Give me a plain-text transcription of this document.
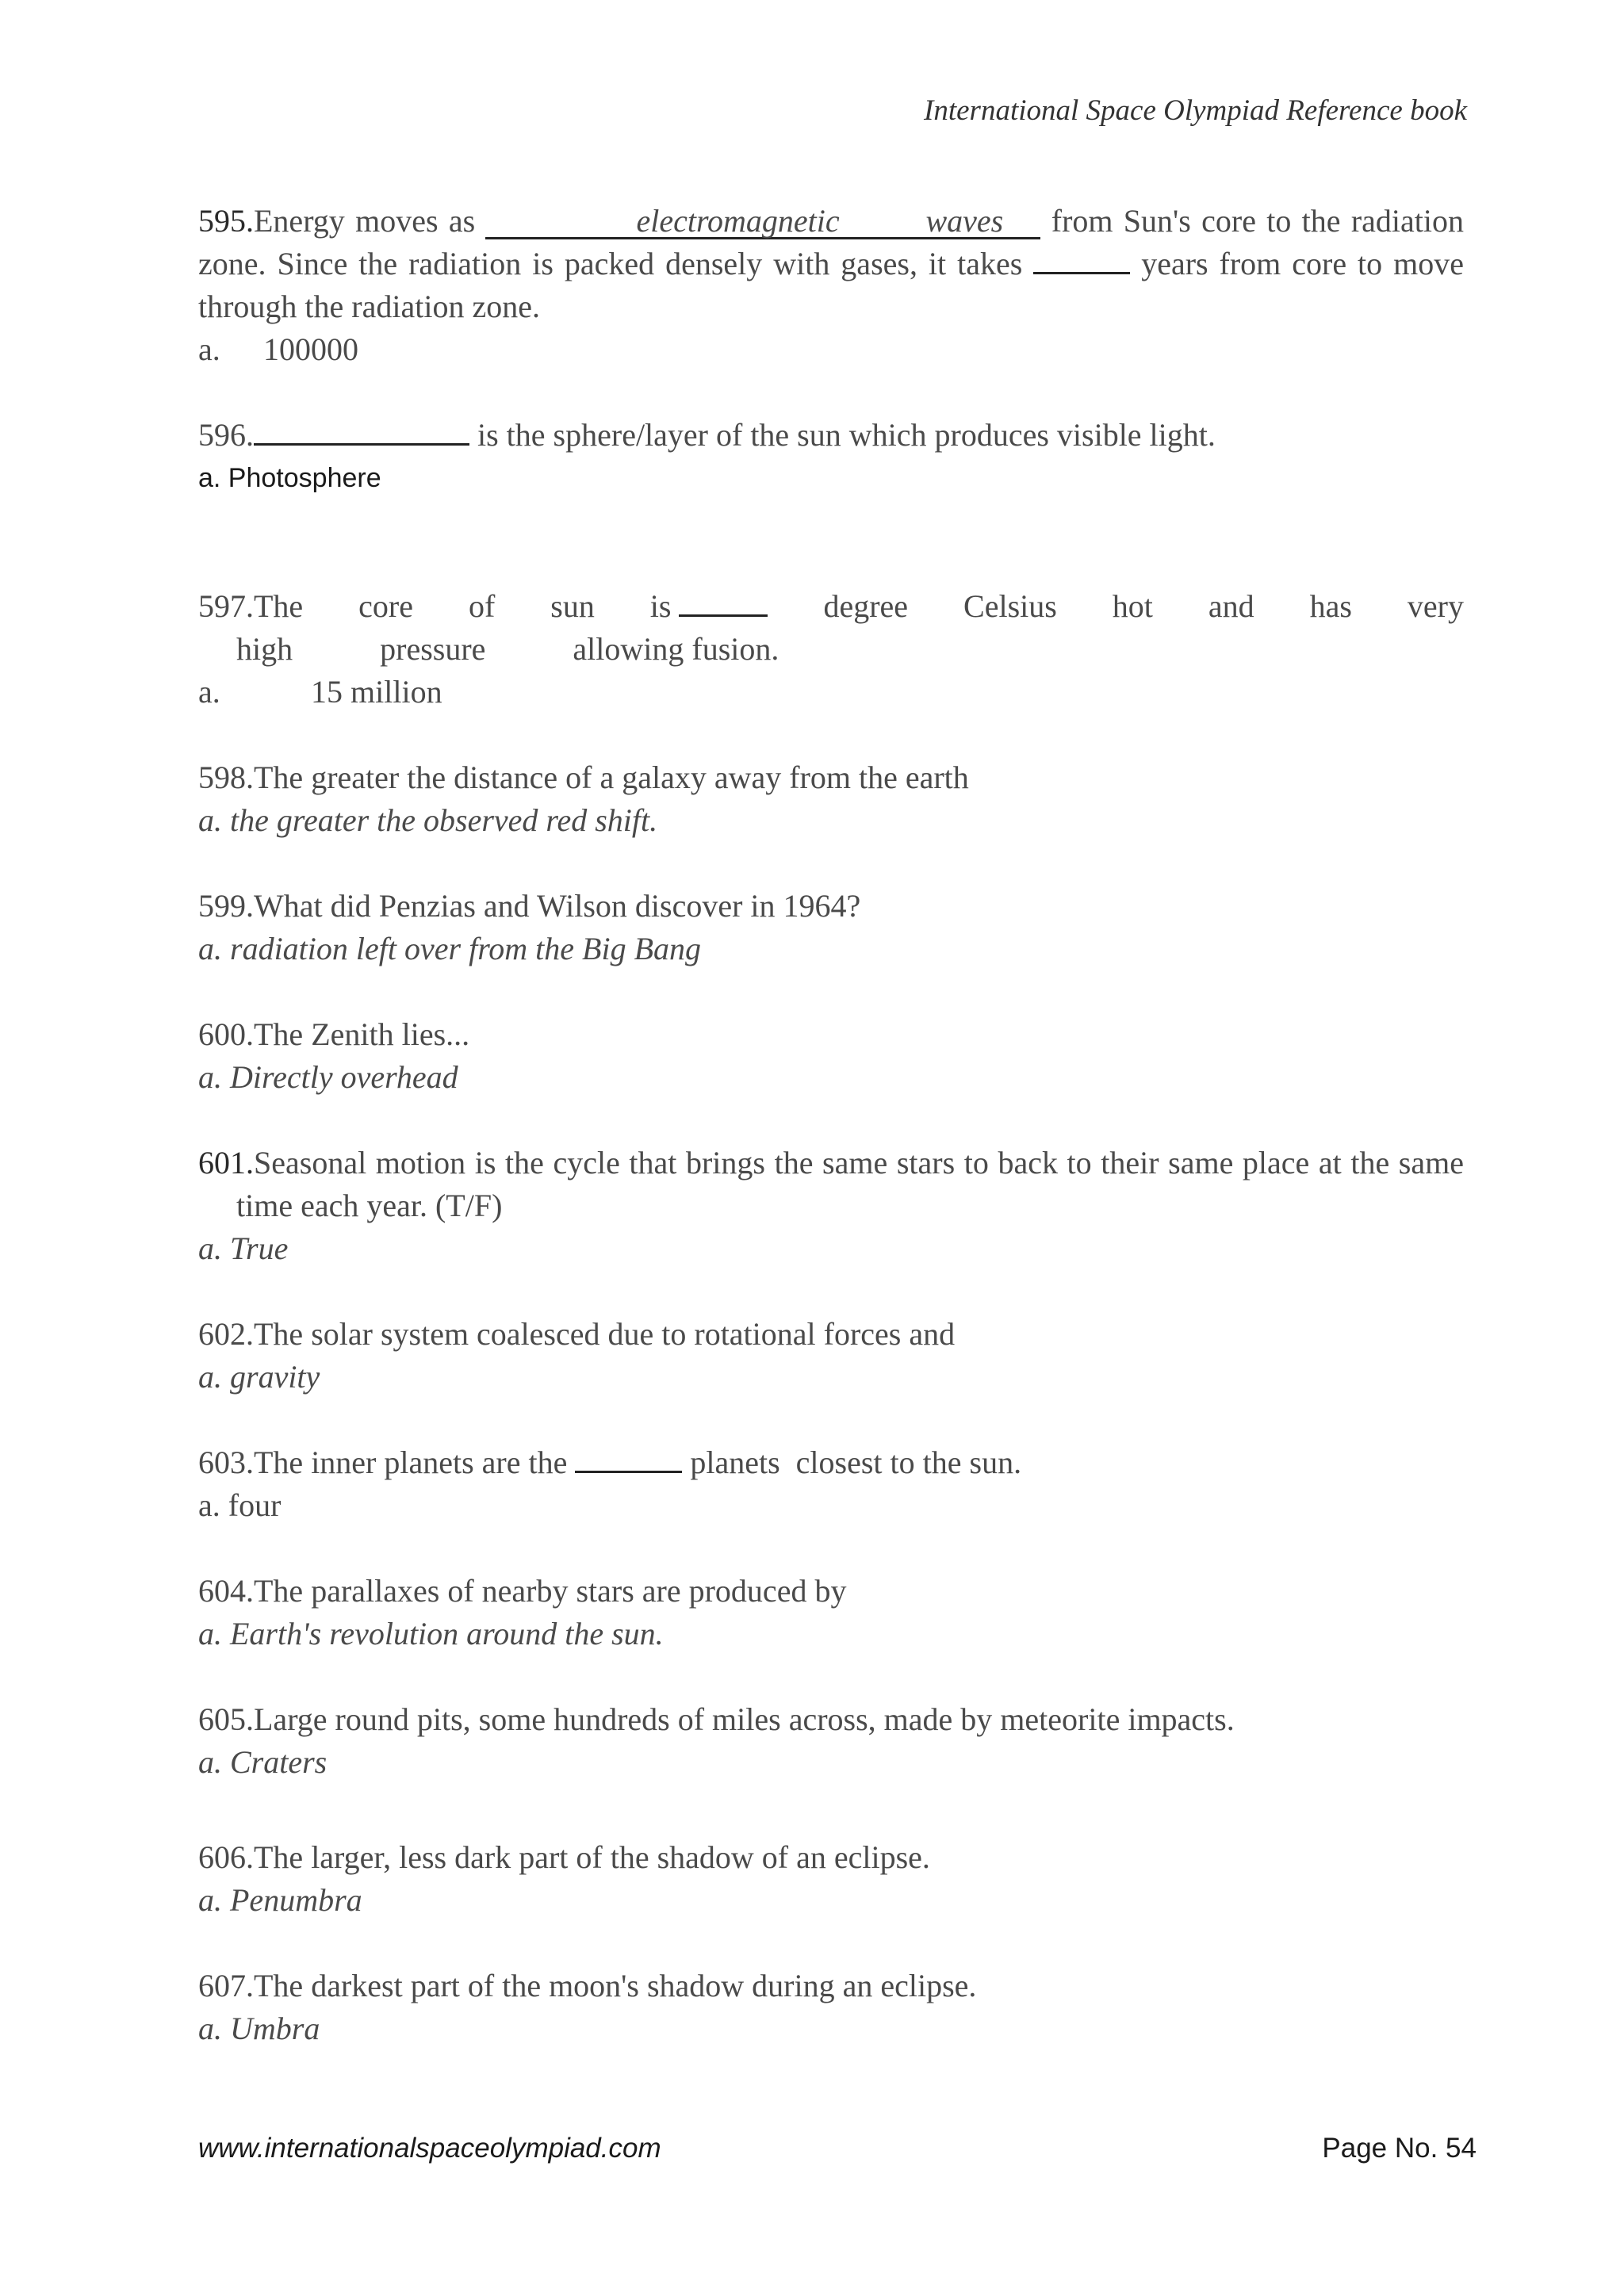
International Space Olympiad Reference book
595.Energy moves as	electromagnetic	waves from Sun's core to the radiation zone. Since the radiation is packed densely with gases, it takes	years from core to move through the radiation zone.
a. 100000
596.	is the sphere/layer of the sun which produces visible light.
a. Photosphere
597.The core of sun is	degree Celsius hot and has very
high	pressure	allowing fusion.
a.	15 million
598.The greater the distance of a galaxy away from the earth
a. the greater the observed red shift.
599.What did Penzias and Wilson discover in 1964?
a. radiation left over from the Big Bang
600.The Zenith lies...
a. Directly overhead
601.Seasonal motion is the cycle that brings the same stars to back to their same place at the same time each year. (T/F)
a. True
602.The solar system coalesced due to rotational forces and
a. gravity
603.The inner planets are the	planets  closest to the sun.
a. four
604.The parallaxes of nearby stars are produced by
a. Earth's revolution around the sun.
605.Large round pits, some hundreds of miles across, made by meteorite impacts.
a. Craters
606.The larger, less dark part of the shadow of an eclipse.
a. Penumbra
607.The darkest part of the moon's shadow during an eclipse.
a. Umbra
www.internationalspaceolympiad.com	Page No. 54
